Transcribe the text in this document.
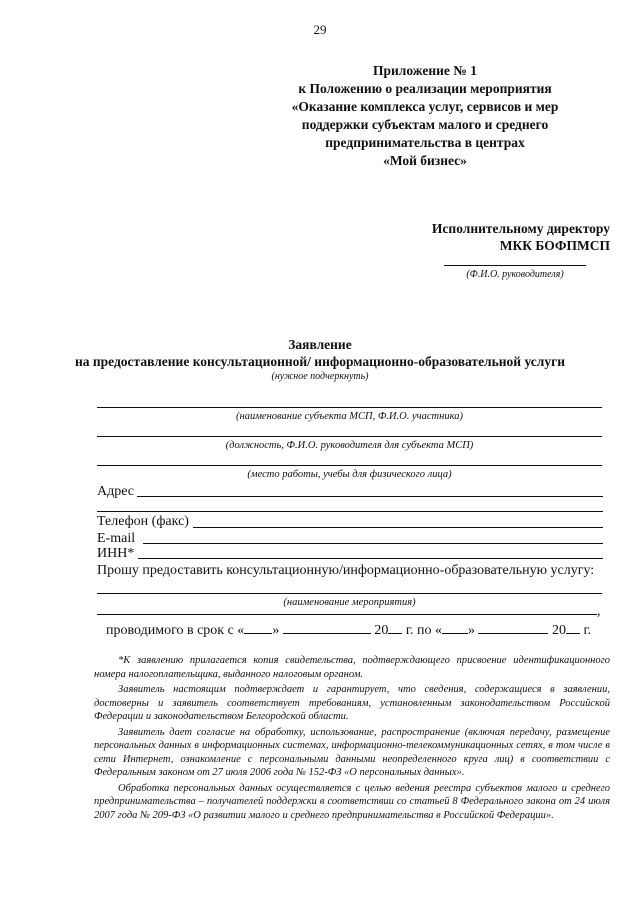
29
Приложение № 1
к Положению о реализации мероприятия
«Оказание комплекса услуг, сервисов и мер
поддержки субъектам малого и среднего
предпринимательства в центрах
«Мой бизнес»
Исполнительному директору
МКК БОФПМСП
(Ф.И.О. руководителя)
Заявление
на предоставление консультационной/ информационно-образовательной услуги
(нужное подчеркнуть)
(наименование субъекта МСП, Ф.И.О. участника)
(должность, Ф.И.О. руководителя для субъекта МСП)
(место работы, учебы для физического лица)
Адрес
Телефон (факс)
E-mail
ИНН*
Прошу предоставить консультационную/информационно-образовательную услугу:
(наименование мероприятия)
,
проводимого в срок с « »	20 г. по « »	20 г.

*К заявлению прилагается копия свидетельства, подтверждающего присвоение идентификационного номера налогоплательщика, выданного налоговым органом.

Заявитель настоящим подтверждает и гарантирует, что сведения, содержащиеся в заявлении, достоверны и заявитель соответствует требованиям, установленным законодательством Российской Федерации и законодательством Белгородской области.

Заявитель дает согласие на обработку, использование, распространение (включая передачу, размещение персональных данных в информационных системах, информационно-телекоммуникационных сетях, в том числе в сети Интернет, ознакомление с персональными данными неопределенного круга лиц) в соответствии с Федеральным законом от 27 июля 2006 года № 152-ФЗ «О персональных данных».

Обработка персональных данных осуществляется с целью ведения реестра субъектов малого и среднего предпринимательства – получателей поддержки в соответствии со статьей 8 Федерального закона от 24 июля 2007 года № 209-ФЗ «О развитии малого и среднего предпринимательства в Российской Федерации».
